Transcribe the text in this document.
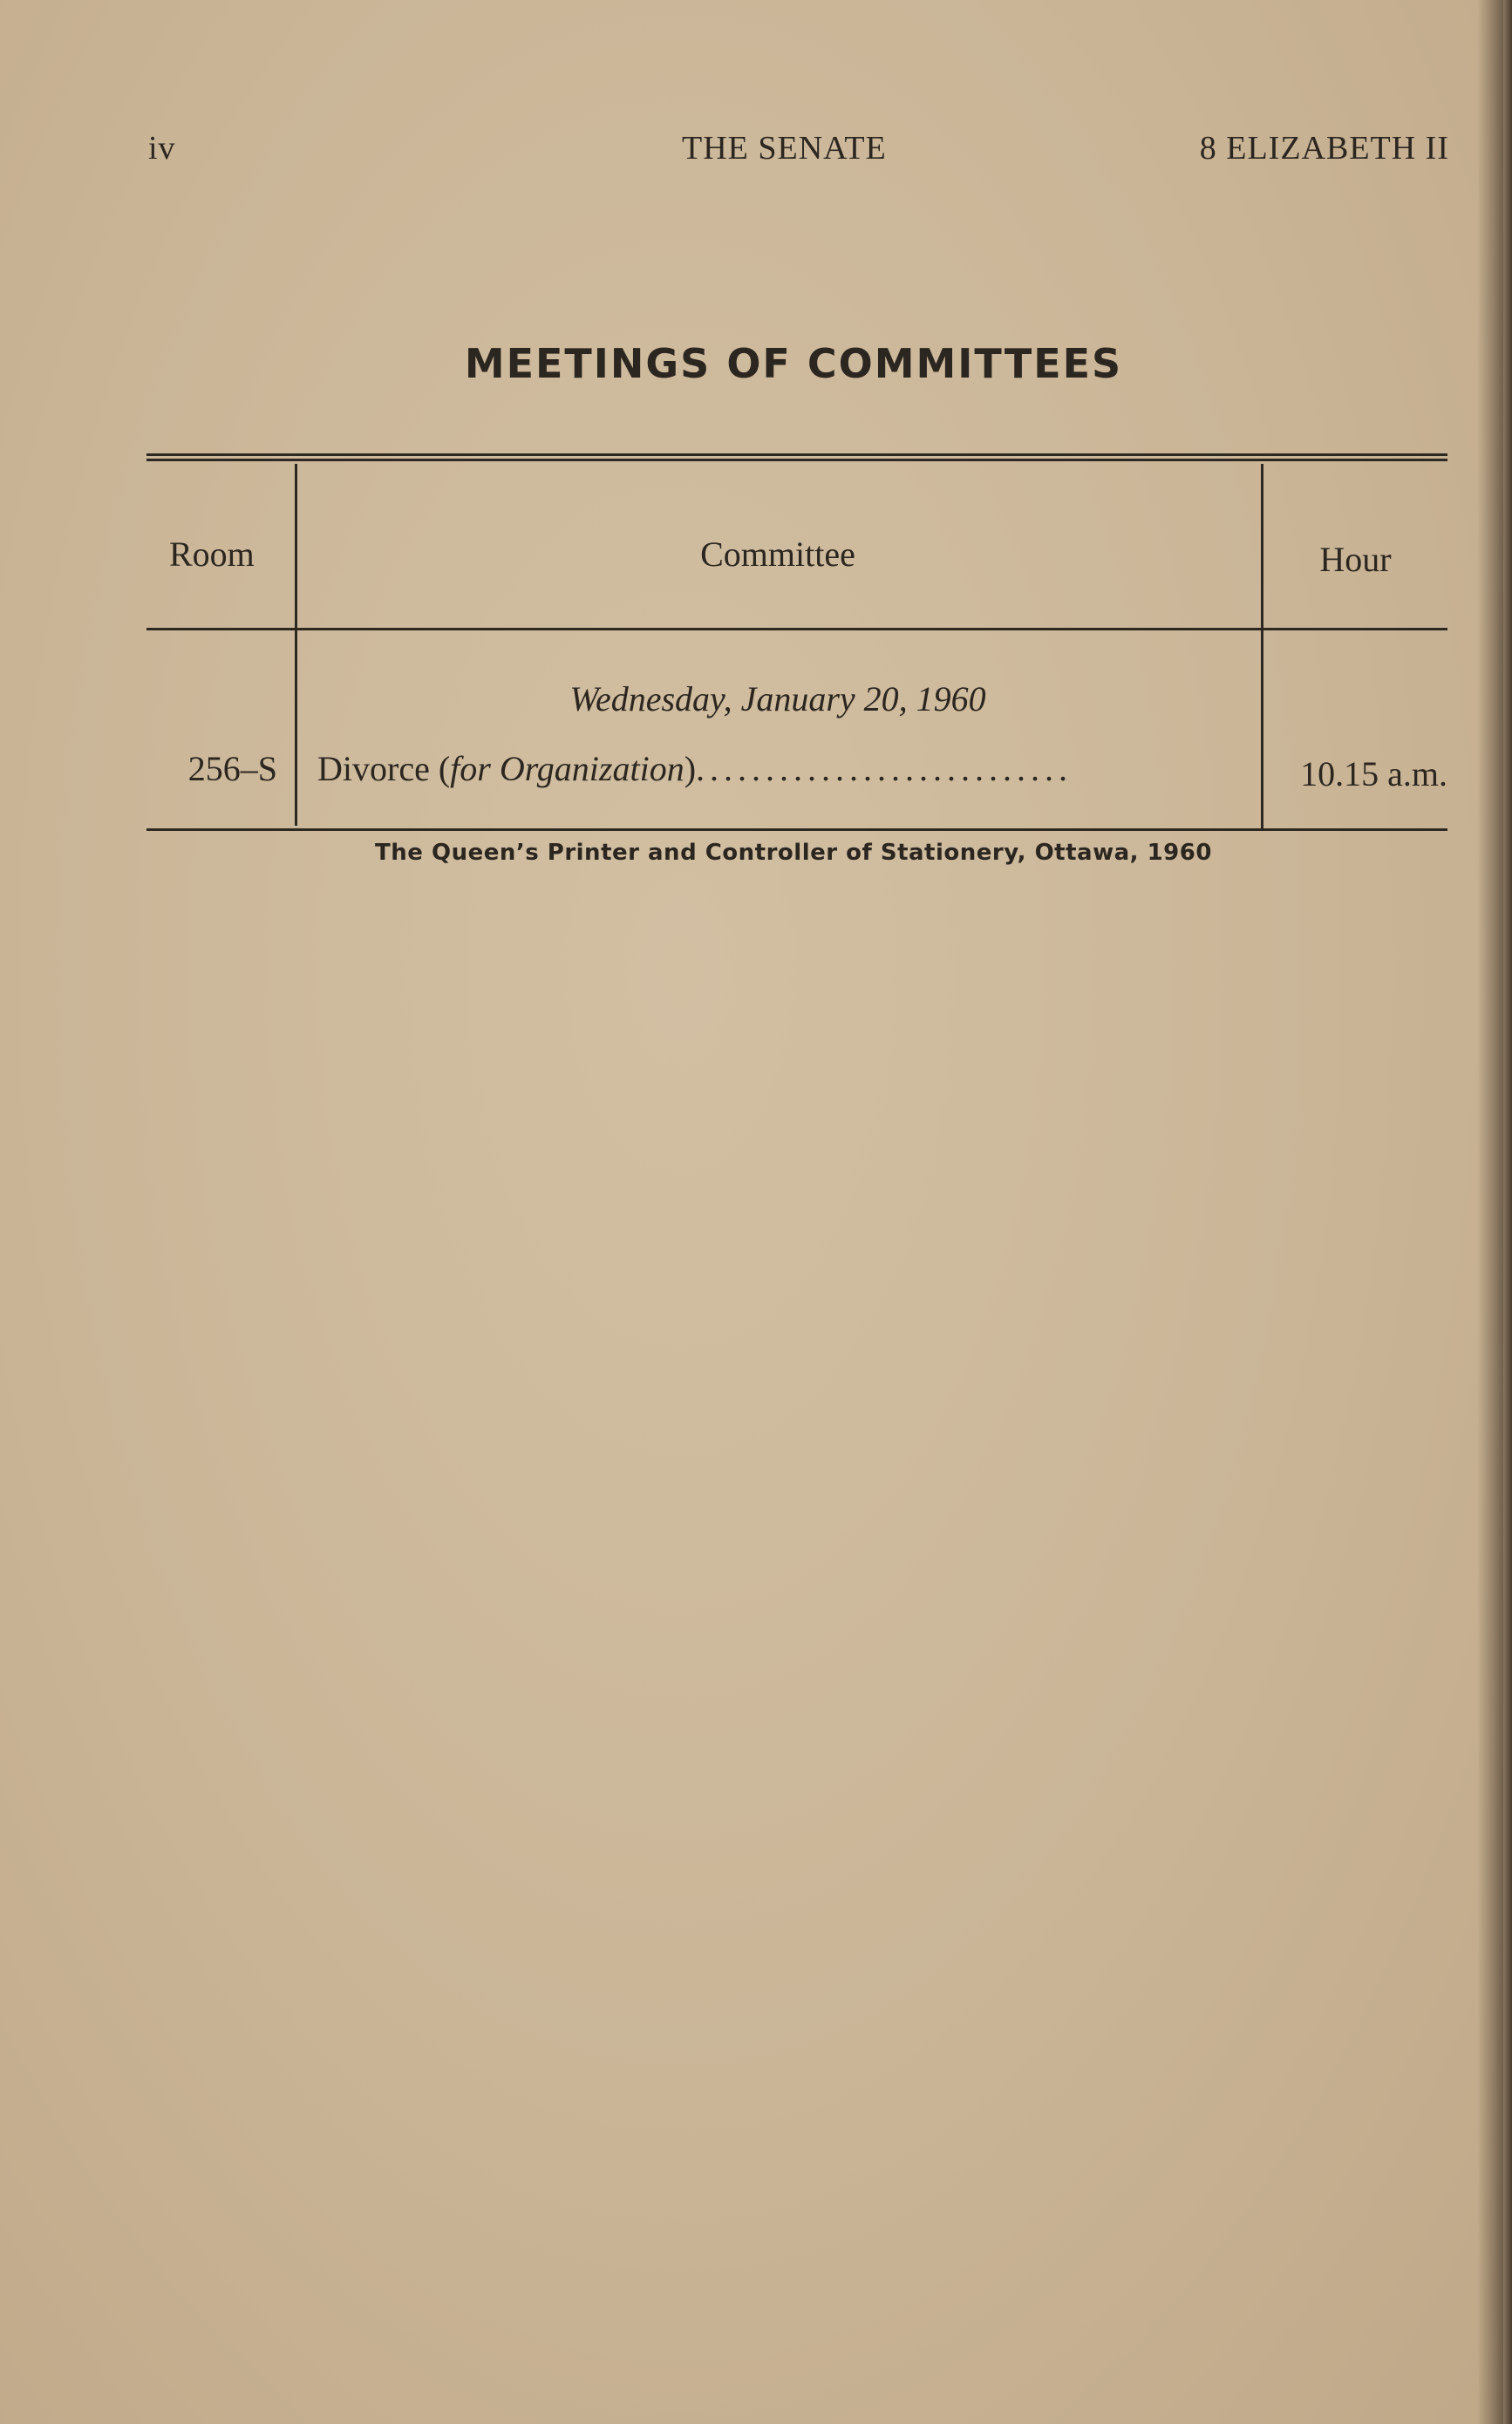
iv	THE SENATE	8 ELIZABETH II
MEETINGS OF COMMITTEES
Room	Committee	Hour
Wednesday, January 20, 1960
256–S Divorce (for Organization)...........................	10.15 a.m.
The Queen’s Printer and Controller of Stationery, Ottawa, 1960
